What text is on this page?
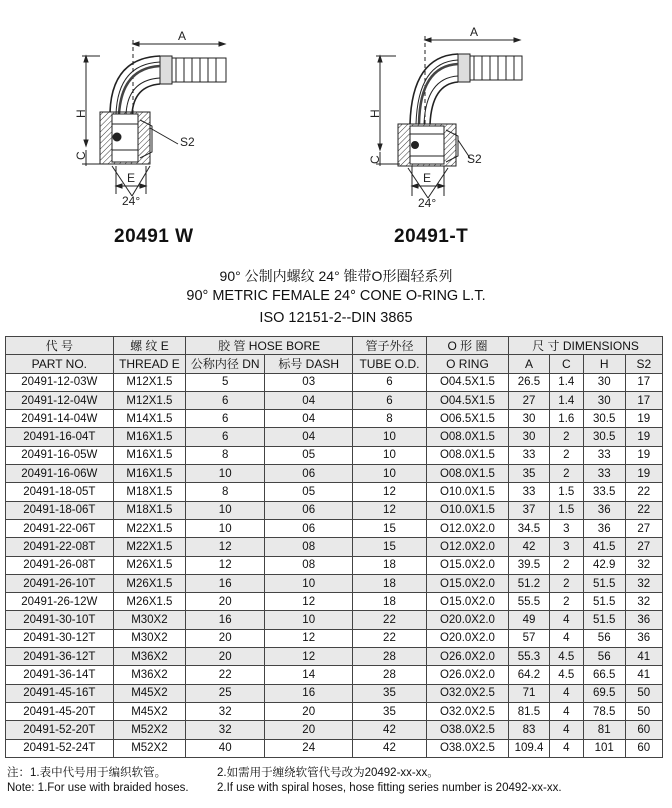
A
H
C
E
S2
24°
A
H
C
E
S2
24°
20491 W	20491-T
90° 公制内螺纹 24° 锥带O形圈轻系列
90° METRIC FEMALE 24° CONE O-RING L.T.
ISO 12151-2--DIN 3865
代 号	螺 纹 E	胶 管 HOSE BORE		管子外径	O 形 圈	尺 寸 DIMENSIONS			
PART NO.	THREAD E	公称内径 DN	标号 DASH	TUBE O.D.	O RING	A	C	H	S2
20491-12-03W	M12X1.5	5	03	6	O04.5X1.5	26.5	1.4	30	17
20491-12-04W	M12X1.5	6	04	6	O04.5X1.5	27	1.4	30	17
20491-14-04W	M14X1.5	6	04	8	O06.5X1.5	30	1.6	30.5	19
20491-16-04T	M16X1.5	6	04	10	O08.0X1.5	30	2	30.5	19
20491-16-05W	M16X1.5	8	05	10	O08.0X1.5	33	2	33	19
20491-16-06W	M16X1.5	10	06	10	O08.0X1.5	35	2	33	19
20491-18-05T	M18X1.5	8	05	12	O10.0X1.5	33	1.5	33.5	22
20491-18-06T	M18X1.5	10	06	12	O10.0X1.5	37	1.5	36	22
20491-22-06T	M22X1.5	10	06	15	O12.0X2.0	34.5	3	36	27
20491-22-08T	M22X1.5	12	08	15	O12.0X2.0	42	3	41.5	27
20491-26-08T	M26X1.5	12	08	18	O15.0X2.0	39.5	2	42.9	32
20491-26-10T	M26X1.5	16	10	18	O15.0X2.0	51.2	2	51.5	32
20491-26-12W	M26X1.5	20	12	18	O15.0X2.0	55.5	2	51.5	32
20491-30-10T	M30X2	16	10	22	O20.0X2.0	49	4	51.5	36
20491-30-12T	M30X2	20	12	22	O20.0X2.0	57	4	56	36
20491-36-12T	M36X2	20	12	28	O26.0X2.0	55.3	4.5	56	41
20491-36-14T	M36X2	22	14	28	O26.0X2.0	64.2	4.5	66.5	41
20491-45-16T	M45X2	25	16	35	O32.0X2.5	71	4	69.5	50
20491-45-20T	M45X2	32	20	35	O32.0X2.5	81.5	4	78.5	50
20491-52-20T	M52X2	32	20	42	O38.0X2.5	83	4	81	60
20491-52-24T	M52X2	40	24	42	O38.0X2.5	109.4	4	101	60
注：1.表中代号用于编织软管。	2.如需用于缠绕软管代号改为20492-xx-xx。
Note: 1.For use with braided hoses. 2.If use with spiral hoses, hose fitting series number is 20492-xx-xx.
